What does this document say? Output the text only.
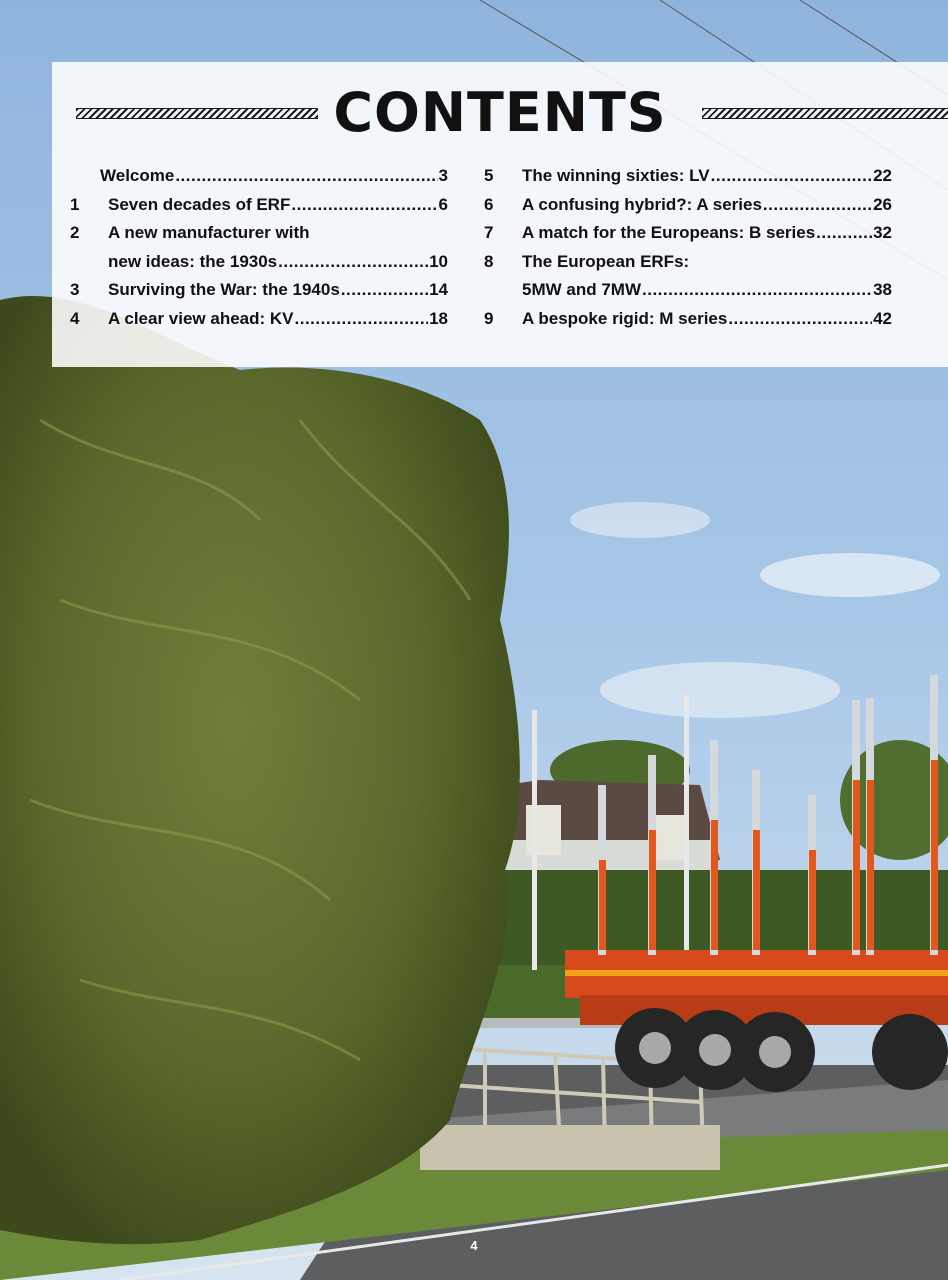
CONTENTS
Welcome .....	3
1	Seven decades of ERF .....	6
2	A new manufacturer with
new ideas: the 1930s .....	10
3	Surviving the War: the 1940s .....	14
4	A clear view ahead: KV .....	18
5	The winning sixties: LV .....	22
6	A confusing hybrid?: A series .....	26
7	A match for the Europeans: B series .....	32
8	The European ERFs:
5MW and 7MW .....	38
9	A bespoke rigid: M series .....	42
4
